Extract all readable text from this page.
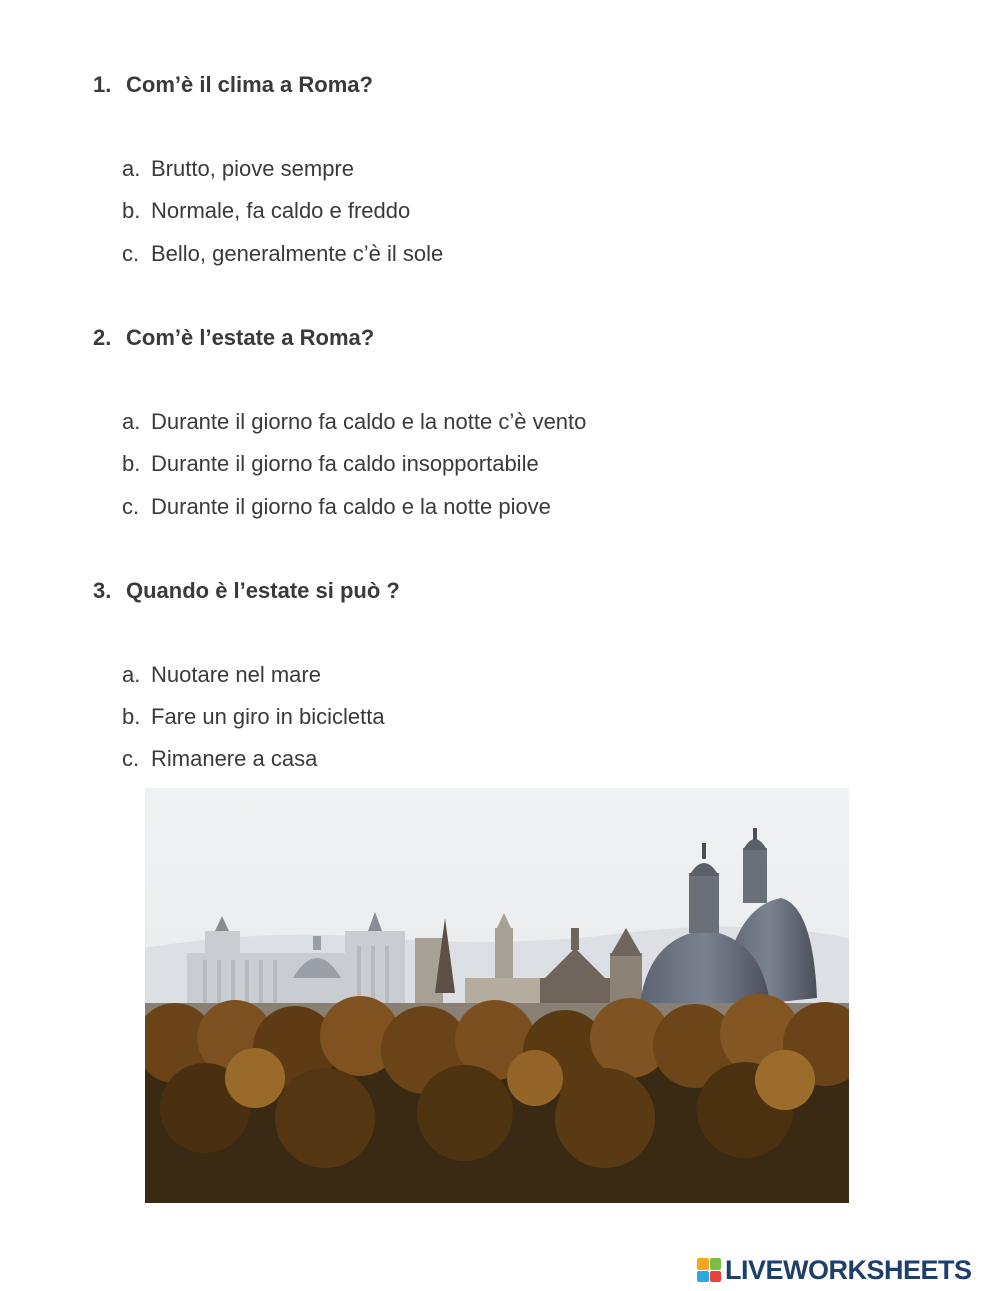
1. Com’è il clima a Roma?
a. Brutto, piove sempre
b. Normale, fa caldo e freddo
c. Bello, generalmente c’è il sole
2. Com’è l’estate a Roma?
a. Durante il giorno fa caldo e la notte c’è vento
b. Durante il giorno fa caldo insopportabile
c. Durante il giorno fa caldo e la notte piove
3. Quando è l’estate si può ?
a. Nuotare nel mare
b. Fare un giro in bicicletta
c. Rimanere a casa
LIVEWORKSHEETS
